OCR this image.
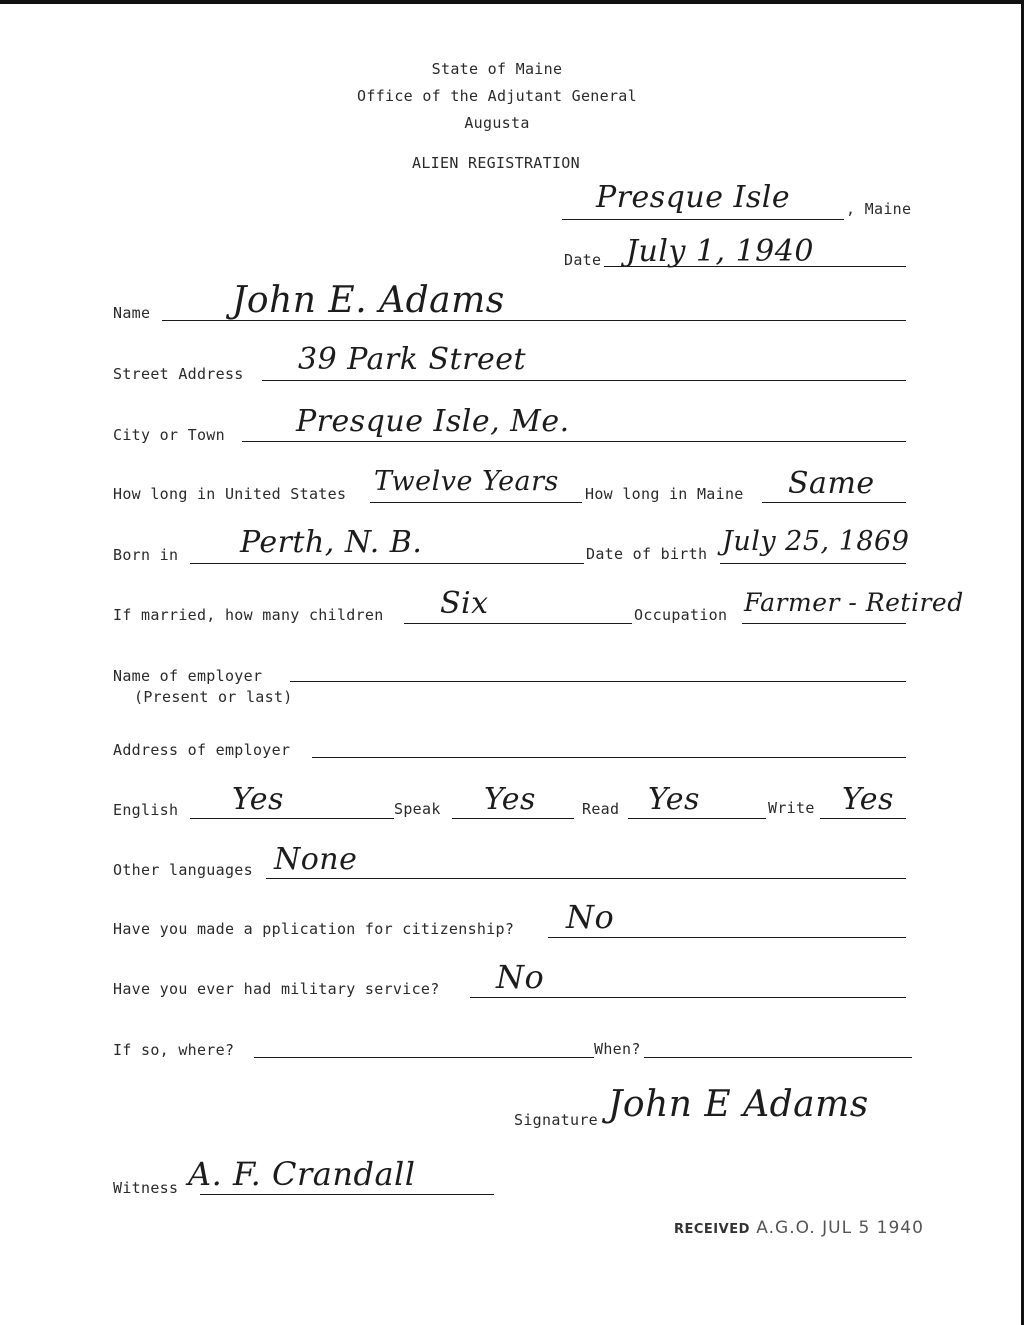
State of Maine
Office of the Adjutant General
Augusta
ALIEN REGISTRATION
Presque Isle	, Maine
Date July 1, 1940
Name John E. Adams
Street Address 39 Park Street
City or Town Presque Isle, Me.
How long in United States Twelve Years How long in Maine Same
Born in Perth, N. B.	Date of birth July 25, 1869
If married, how many children Six	Occupation Farmer - Retired
Name of employer
(Present or last)
Address of employer
English Yes	Speak Yes	Read Yes	Write Yes
Other languages None
Have you made a pplication for citizenship? No
Have you ever had military service? No
If so, where?	When?
Signature John E Adams
Witness A. F. Crandall
RECEIVED A.G.O. JUL 5 1940
